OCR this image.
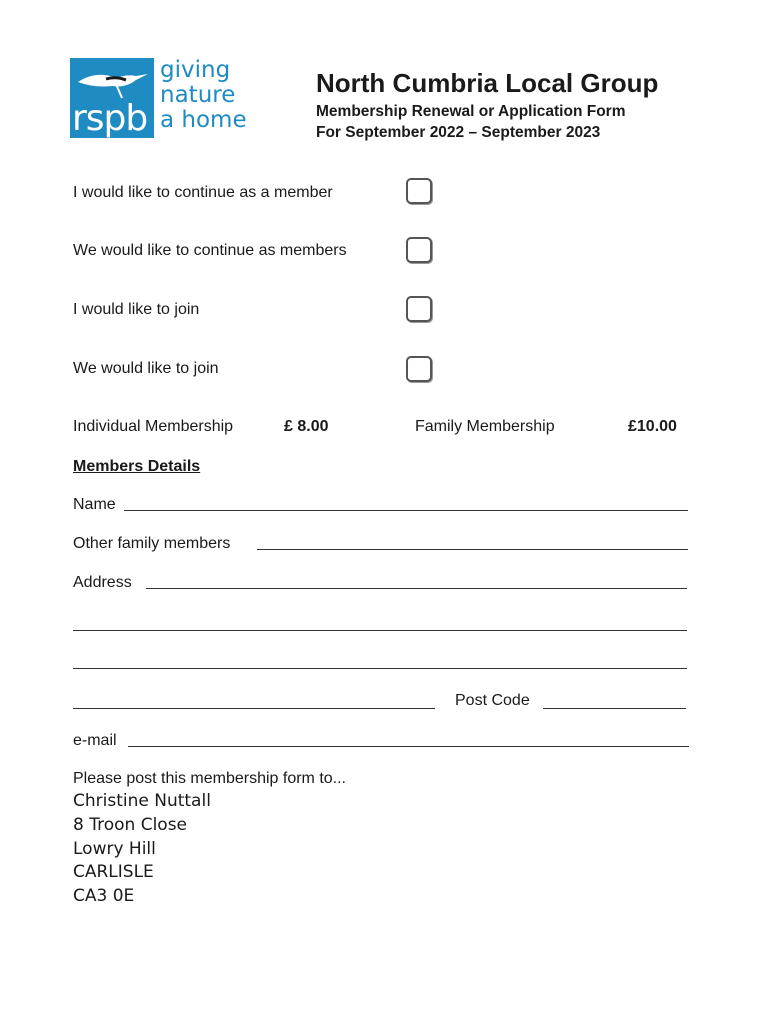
rspb
giving
nature
a home
North Cumbria Local Group
Membership Renewal or Application Form
For September 2022 – September 2023
I would like to continue as a member
We would like to continue as members
I would like to join
We would like to join
Individual Membership	£ 8.00	Family Membership	£10.00
Members Details
Name
Other family members
Address
Post Code
e-mail
Please post this membership form to...
Christine Nuttall
8 Troon Close
Lowry Hill
CARLISLE
CA3 0E
